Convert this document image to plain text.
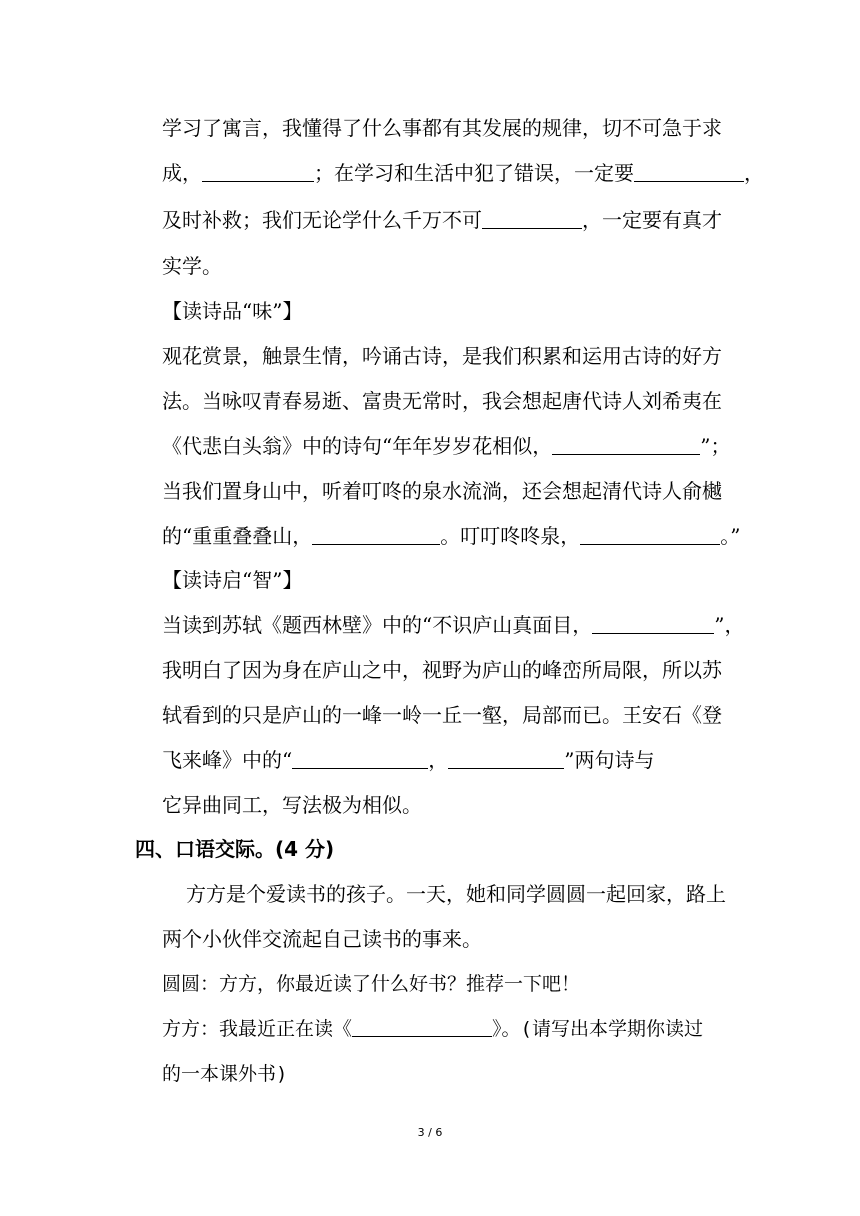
学习了寓言，我懂得了什么事都有其发展的规律，切不可急于求
成，	；在学习和生活中犯了错误，一定要	，
及时补救；我们无论学什么千万不可	，一定要有真才
实学。
【读诗品“味”】
观花赏景，触景生情，吟诵古诗，是我们积累和运用古诗的好方
法。当咏叹青春易逝、富贵无常时，我会想起唐代诗人刘希夷在
《代悲白头翁》中的诗句“年年岁岁花相似，	”；
当我们置身山中，听着叮咚的泉水流淌，还会想起清代诗人俞樾
的“重重叠叠山，	。叮叮咚咚泉，	。”
【读诗启“智”】
当读到苏轼《题西林壁》中的“不识庐山真面目，	”，
我明白了因为身在庐山之中，视野为庐山的峰峦所局限，所以苏
轼看到的只是庐山的一峰一岭一丘一壑，局部而已。王安石《登
飞来峰》中的“	，	”两句诗与
它异曲同工，写法极为相似。
四、口语交际。(4 分)
方方是个爱读书的孩子。一天，她和同学圆圆一起回家，路上
两个小伙伴交流起自己读书的事来。
圆圆：方方，你最近读了什么好书？推荐一下吧！
方方：我最近正在读《	》。(请写出本学期你读过
的一本课外书)
3 / 6
